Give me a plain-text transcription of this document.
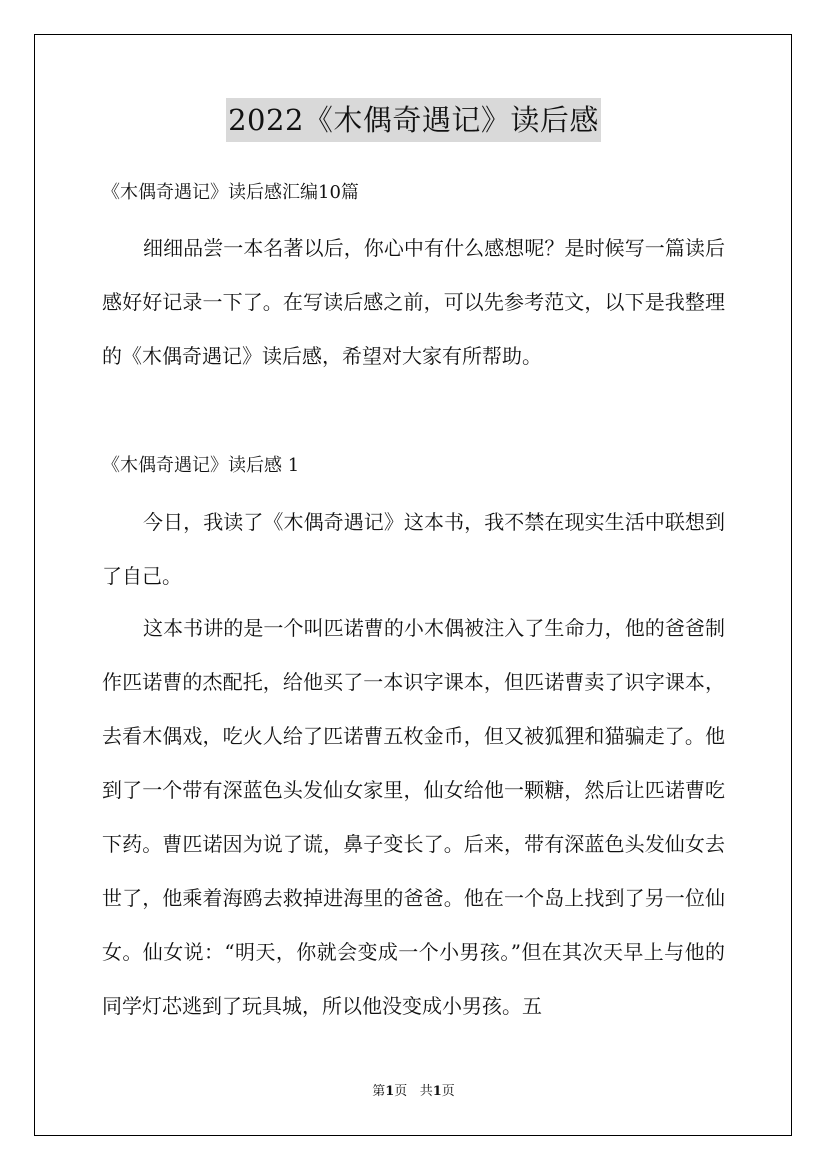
2022《木偶奇遇记》读后感
《木偶奇遇记》读后感汇编10篇

细细品尝一本名著以后，你心中有什么感想呢？是时候写一篇读后感好好记录一下了。在写读后感之前，可以先参考范文，以下是我整理的《木偶奇遇记》读后感，希望对大家有所帮助。

《木偶奇遇记》读后感 1

今日，我读了《木偶奇遇记》这本书，我不禁在现实生活中联想到了自己。

这本书讲的是一个叫匹诺曹的小木偶被注入了生命力，他的爸爸制作匹诺曹的杰配托，给他买了一本识字课本，但匹诺曹卖了识字课本，去看木偶戏，吃火人给了匹诺曹五枚金币，但又被狐狸和猫骗走了。他到了一个带有深蓝色头发仙女家里，仙女给他一颗糖，然后让匹诺曹吃下药。曹匹诺因为说了谎，鼻子变长了。后来，带有深蓝色头发仙女去世了，他乘着海鸥去救掉进海里的爸爸。他在一个岛上找到了另一位仙女。仙女说：“明天，你就会变成一个小男孩。”但在其次天早上与他的同学灯芯逃到了玩具城，所以他没变成小男孩。五

第1页 共1页
